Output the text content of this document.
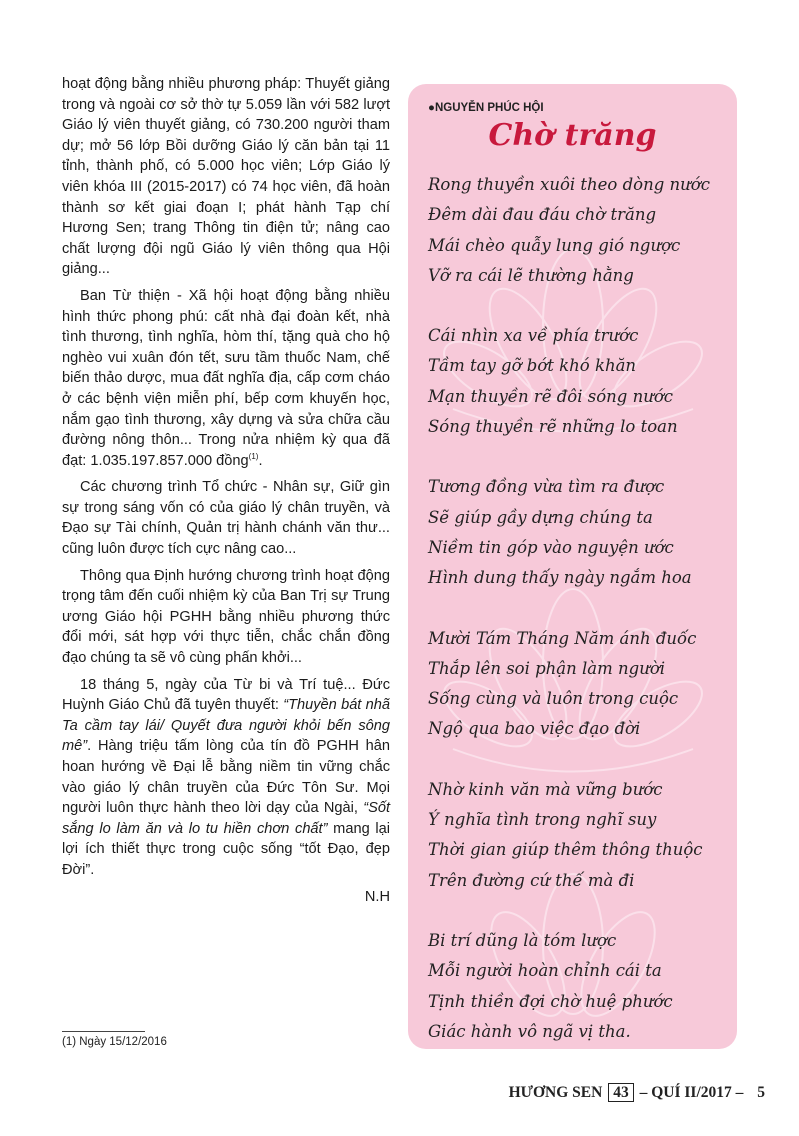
hoạt động bằng nhiều phương pháp: Thuyết giảng trong và ngoài cơ sở thờ tự 5.059 lần với 582 lượt Giáo lý viên thuyết giảng, có 730.200 người tham dự; mở 56 lớp Bồi dưỡng Giáo lý căn bản tại 11 tỉnh, thành phố, có 5.000 học viên; Lớp Giáo lý viên khóa III (2015-2017) có 74 học viên, đã hoàn thành sơ kết giai đoạn I; phát hành Tạp chí Hương Sen; trang Thông tin điện tử; nâng cao chất lượng đội ngũ Giáo lý viên thông qua Hội giảng...

Ban Từ thiện - Xã hội hoạt động bằng nhiều hình thức phong phú: cất nhà đại đoàn kết, nhà tình thương, tình nghĩa, hòm thí, tặng quà cho hộ nghèo vui xuân đón tết, sưu tầm thuốc Nam, chế biến thảo dược, mua đất nghĩa địa, cấp cơm cháo ở các bệnh viện miễn phí, bếp cơm khuyến học, nắm gạo tình thương, xây dựng và sửa chữa cầu đường nông thôn... Trong nửa nhiệm kỳ qua đã đạt: 1.035.197.857.000 đồng$^{(1)}$.

Các chương trình Tổ chức - Nhân sự, Giữ gìn sự trong sáng vốn có của giáo lý chân truyền, và Đạo sự Tài chính, Quản trị hành chánh văn thư... cũng luôn được tích cực nâng cao...

Thông qua Định hướng chương trình hoạt động trọng tâm đến cuối nhiệm kỳ của Ban Trị sự Trung ương Giáo hội PGHH bằng nhiều phương thức đổi mới, sát hợp với thực tiễn, chắc chắn đồng đạo chúng ta sẽ vô cùng phấn khởi...

18 tháng 5, ngày của Từ bi và Trí tuệ... Đức Huỳnh Giáo Chủ đã tuyên thuyết: “Thuyền bát nhã Ta cầm tay lái/ Quyết đưa người khỏi bến sông mê”. Hàng triệu tấm lòng của tín đồ PGHH hân hoan hướng về Đại lễ bằng niềm tin vững chắc vào giáo lý chân truyền của Đức Tôn Sư. Mọi người luôn thực hành theo lời dạy của Ngài, “Sốt sắng lo làm ăn và lo tu hiền chơn chất” mang lại lợi ích thiết thực trong cuộc sống “tốt Đạo, đẹp Đời”.

N.H

(1) Ngày 15/12/2016
●NGUYỄN PHÚC HỘI
Chờ trăng
Rong thuyền xuôi theo dòng nước
Đêm dài đau đáu chờ trăng
Mái chèo quẫy lung gió ngược
Vỡ ra cái lẽ thường hằng
Cái nhìn xa về phía trước
Tầm tay gỡ bớt khó khăn
Mạn thuyền rẽ đôi sóng nước
Sóng thuyền rẽ những lo toan
Tương đồng vừa tìm ra được
Sẽ giúp gầy dựng chúng ta
Niềm tin góp vào nguyện ước
Hình dung thấy ngày ngắm hoa
Mười Tám Tháng Năm ánh đuốc
Thắp lên soi phận làm người
Sống cùng và luôn trong cuộc
Ngộ qua bao việc đạo đời
Nhờ kinh văn mà vững bước
Ý nghĩa tình trong nghĩ suy
Thời gian giúp thêm thông thuộc
Trên đường cứ thế mà đi
Bi trí dũng là tóm lược
Mỗi người hoàn chỉnh cái ta
Tịnh thiền đợi chờ huệ phước
Giác hành vô ngã vị tha.
HƯƠNG SEN 43 – QUÍ II/2017 – 5
